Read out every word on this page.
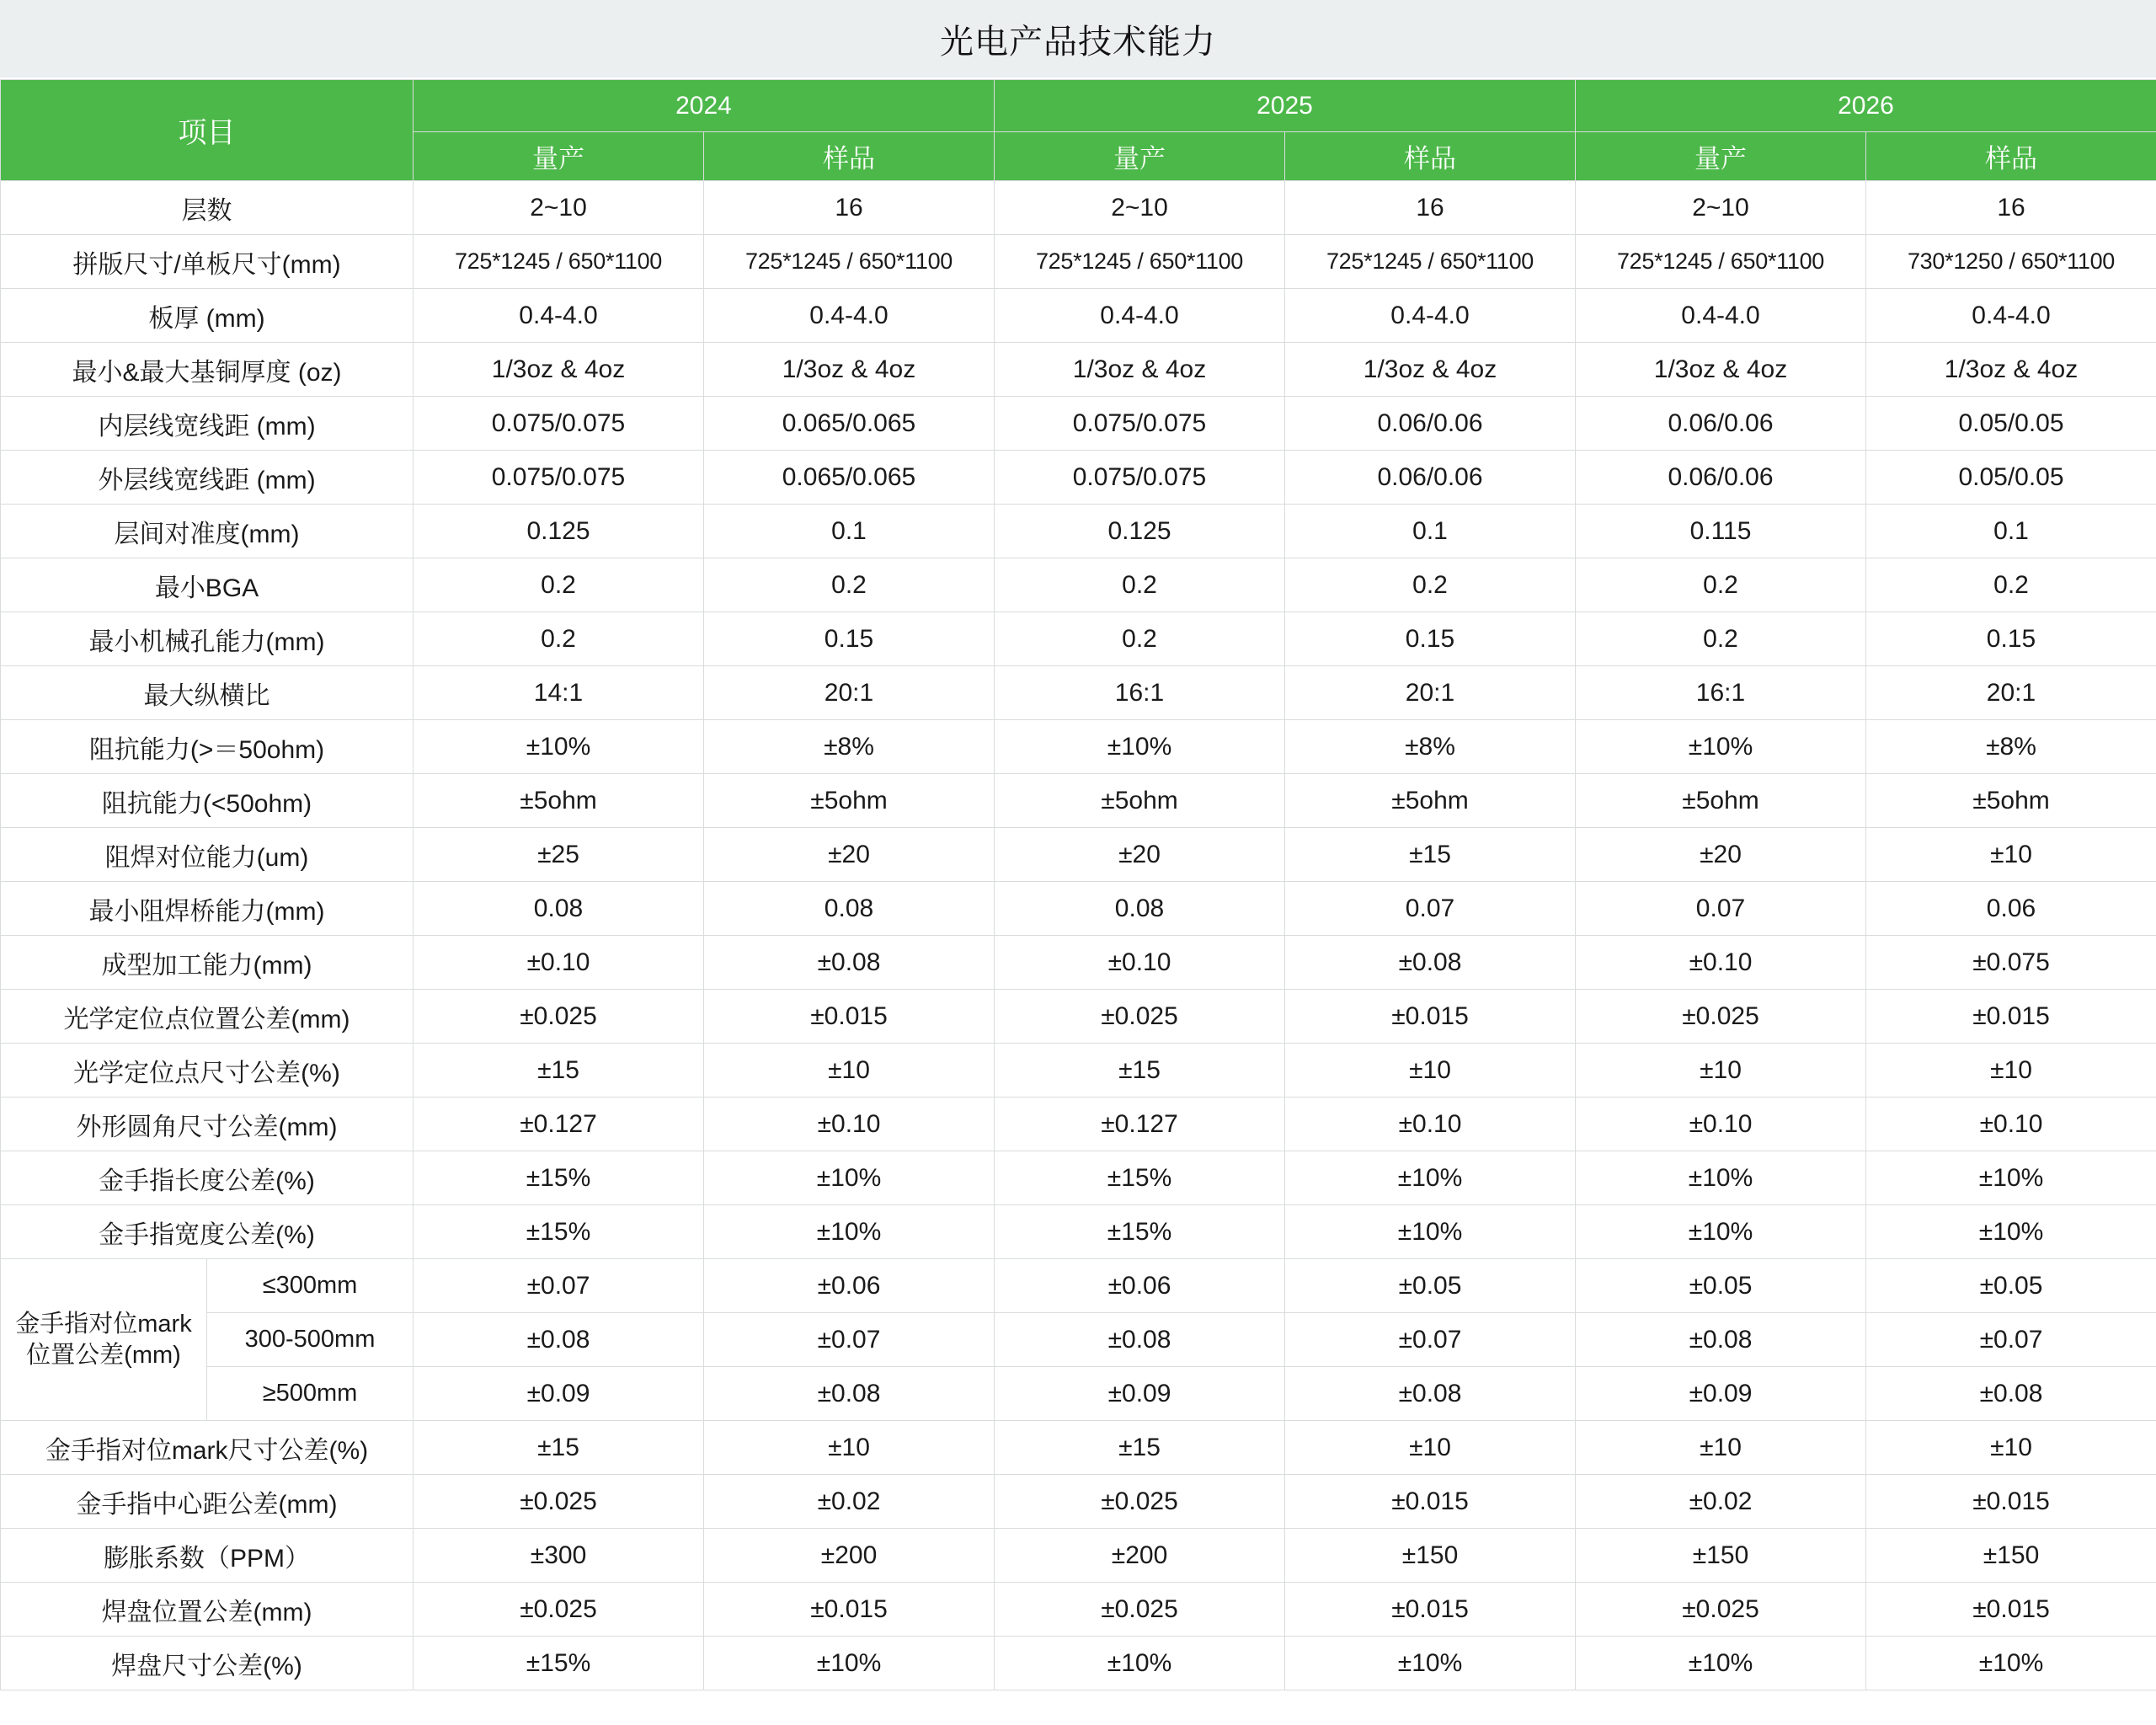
光电产品技术能力
项目		2024		2025		2026	
		量产	样品	量产	样品	量产	样品
层数		2~10	16	2~10	16	2~10	16
拼版尺寸/单板尺寸(mm)		725*1245 / 650*1100	725*1245 / 650*1100	725*1245 / 650*1100	725*1245 / 650*1100	725*1245 / 650*1100	730*1250 / 650*1100
板厚 (mm)		0.4-4.0	0.4-4.0	0.4-4.0	0.4-4.0	0.4-4.0	0.4-4.0
最小&最大基铜厚度 (oz)		1/3oz & 4oz	1/3oz & 4oz	1/3oz & 4oz	1/3oz & 4oz	1/3oz & 4oz	1/3oz & 4oz
内层线宽线距 (mm)		0.075/0.075	0.065/0.065	0.075/0.075	0.06/0.06	0.06/0.06	0.05/0.05
外层线宽线距 (mm)		0.075/0.075	0.065/0.065	0.075/0.075	0.06/0.06	0.06/0.06	0.05/0.05
层间对准度(mm)		0.125	0.1	0.125	0.1	0.115	0.1
最小BGA		0.2	0.2	0.2	0.2	0.2	0.2
最小机械孔能力(mm)		0.2	0.15	0.2	0.15	0.2	0.15
最大纵横比		14:1	20:1	16:1	20:1	16:1	20:1
阻抗能力(>＝50ohm)		±10%	±8%	±10%	±8%	±10%	±8%
阻抗能力(<50ohm)		±5ohm	±5ohm	±5ohm	±5ohm	±5ohm	±5ohm
阻焊对位能力(um)		±25	±20	±20	±15	±20	±10
最小阻焊桥能力(mm)		0.08	0.08	0.08	0.07	0.07	0.06
成型加工能力(mm)		±0.10	±0.08	±0.10	±0.08	±0.10	±0.075
光学定位点位置公差(mm)		±0.025	±0.015	±0.025	±0.015	±0.025	±0.015
光学定位点尺寸公差(%)		±15	±10	±15	±10	±10	±10
外形圆角尺寸公差(mm)		±0.127	±0.10	±0.127	±0.10	±0.10	±0.10
金手指长度公差(%)		±15%	±10%	±15%	±10%	±10%	±10%
金手指宽度公差(%)		±15%	±10%	±15%	±10%	±10%	±10%
金手指对位mark位置公差(mm)	≤300mm	±0.07	±0.06	±0.06	±0.05	±0.05	±0.05
	300-500mm	±0.08	±0.07	±0.08	±0.07	±0.08	±0.07
	≥500mm	±0.09	±0.08	±0.09	±0.08	±0.09	±0.08
金手指对位mark尺寸公差(%)		±15	±10	±15	±10	±10	±10
金手指中心距公差(mm)		±0.025	±0.02	±0.025	±0.015	±0.02	±0.015
膨胀系数（PPM）		±300	±200	±200	±150	±150	±150
焊盘位置公差(mm)		±0.025	±0.015	±0.025	±0.015	±0.025	±0.015
焊盘尺寸公差(%)		±15%	±10%	±10%	±10%	±10%	±10%
